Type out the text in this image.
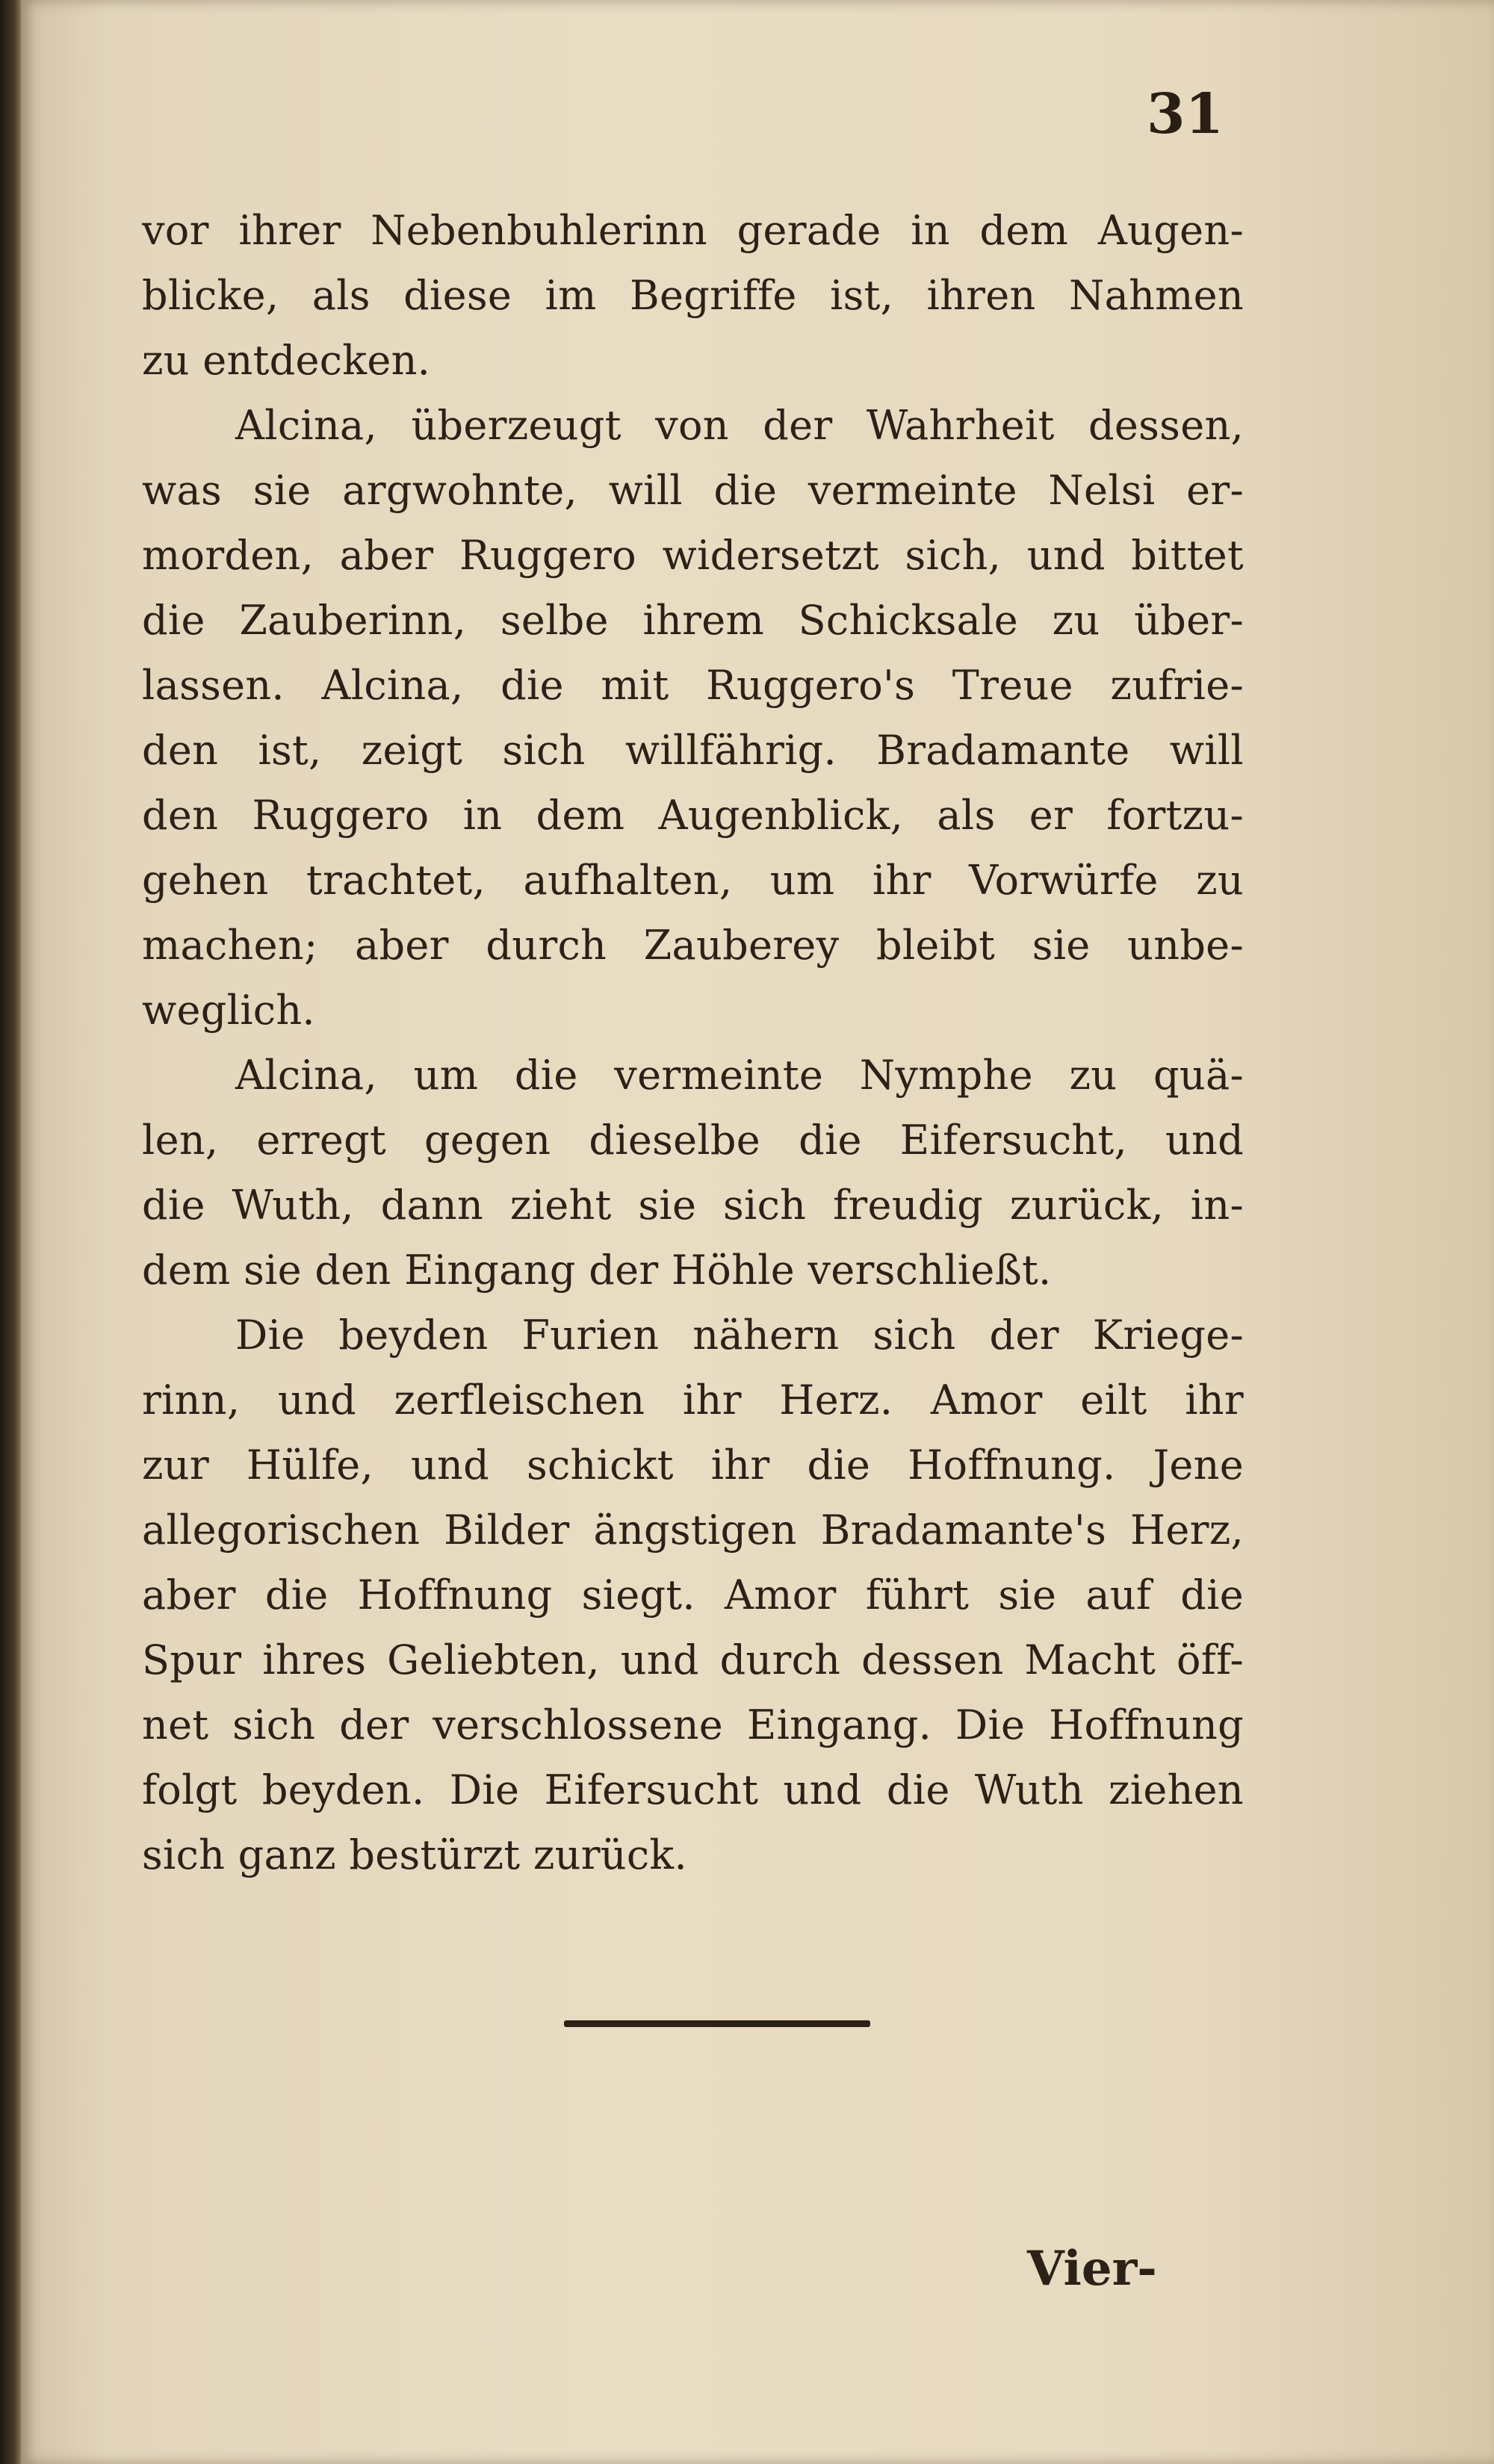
31
vor ihrer Nebenbuhlerinn gerade in dem Augen-
blicke, als diese im Begriffe ist, ihren Nahmen
zu entdecken.
Alcina, überzeugt von der Wahrheit dessen,
was sie argwohnte, will die vermeinte Nelsi er-
morden, aber Ruggero widersetzt sich, und bittet
die Zauberinn, selbe ihrem Schicksale zu über-
lassen. Alcina, die mit Ruggero's Treue zufrie-
den ist, zeigt sich willfährig. Bradamante will
den Ruggero in dem Augenblick, als er fortzu-
gehen trachtet, aufhalten, um ihr Vorwürfe zu
machen; aber durch Zauberey bleibt sie unbe-
weglich.
Alcina, um die vermeinte Nymphe zu quä-
len, erregt gegen dieselbe die Eifersucht, und
die Wuth, dann zieht sie sich freudig zurück, in-
dem sie den Eingang der Höhle verschließt.
Die beyden Furien nähern sich der Kriege-
rinn, und zerfleischen ihr Herz. Amor eilt ihr
zur Hülfe, und schickt ihr die Hoffnung. Jene
allegorischen Bilder ängstigen Bradamante's Herz,
aber die Hoffnung siegt. Amor führt sie auf die
Spur ihres Geliebten, und durch dessen Macht öff-
net sich der verschlossene Eingang. Die Hoffnung
folgt beyden. Die Eifersucht und die Wuth ziehen
sich ganz bestürzt zurück.
Vier-
